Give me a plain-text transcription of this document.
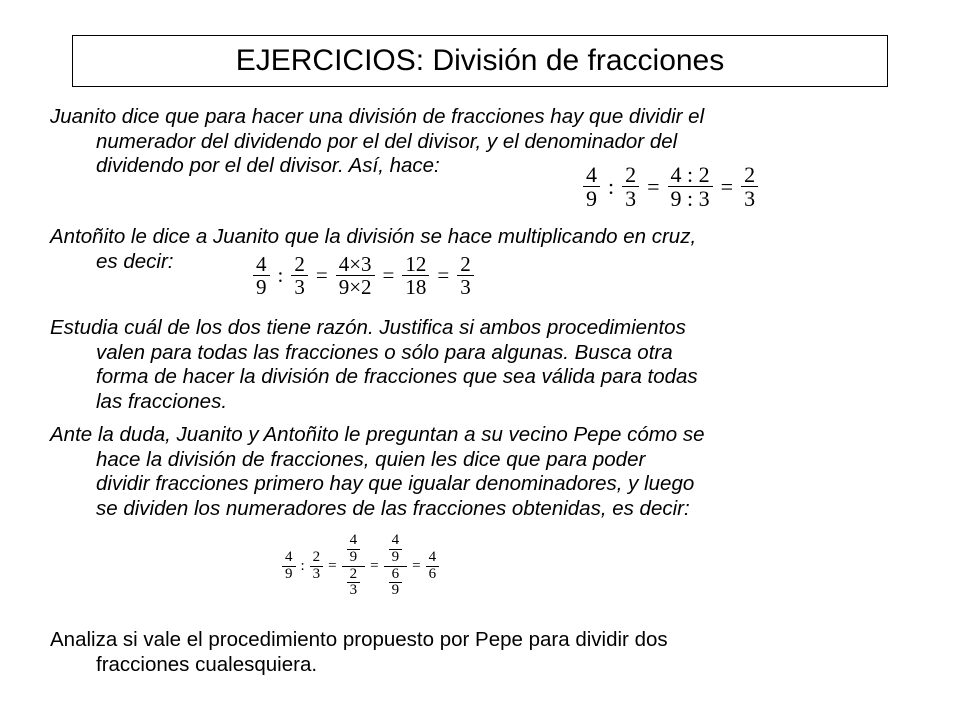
EJERCICIOS: División de fracciones

Juanito dice que para hacer una división de fracciones hay que dividir el
numerador del dividendo por el del divisor, y el denominador del
dividendo por el del divisor. Así, hace:	$\frac{4}{9}$ : $\frac{2}{3} = \frac{4 : 2}{9 : 3} = \frac{2}{3}$

Antoñito le dice a Juanito que la división se hace multiplicando en cruz,
es decir:	$\frac{4}{9}$ : $\frac{2}{3} = \frac{4\times 3}{9\times 2} = \frac{12}{18} = \frac{2}{3}$

Estudia cuál de los dos tiene razón. Justifica si ambos procedimientos
valen para todas las fracciones o sólo para algunas. Busca otra
forma de hacer la división de fracciones que sea válida para todas
las fracciones.

Ante la duda, Juanito y Antoñito le preguntan a su vecino Pepe cómo se
hace la división de fracciones, quien les dice que para poder
dividir fracciones primero hay que igualar denominadores, y luego
se dividen los numeradores de las fracciones obtenidas, es decir:

$\frac{4}{9}$ : $\frac{2}{3} = \frac{\frac{4}{9}}{\frac{2}{3}} = \frac{\frac{4}{9}}{\frac{6}{9}} = \frac{4}{6}$

Analiza si vale el procedimiento propuesto por Pepe para dividir dos
fracciones cualesquiera.
